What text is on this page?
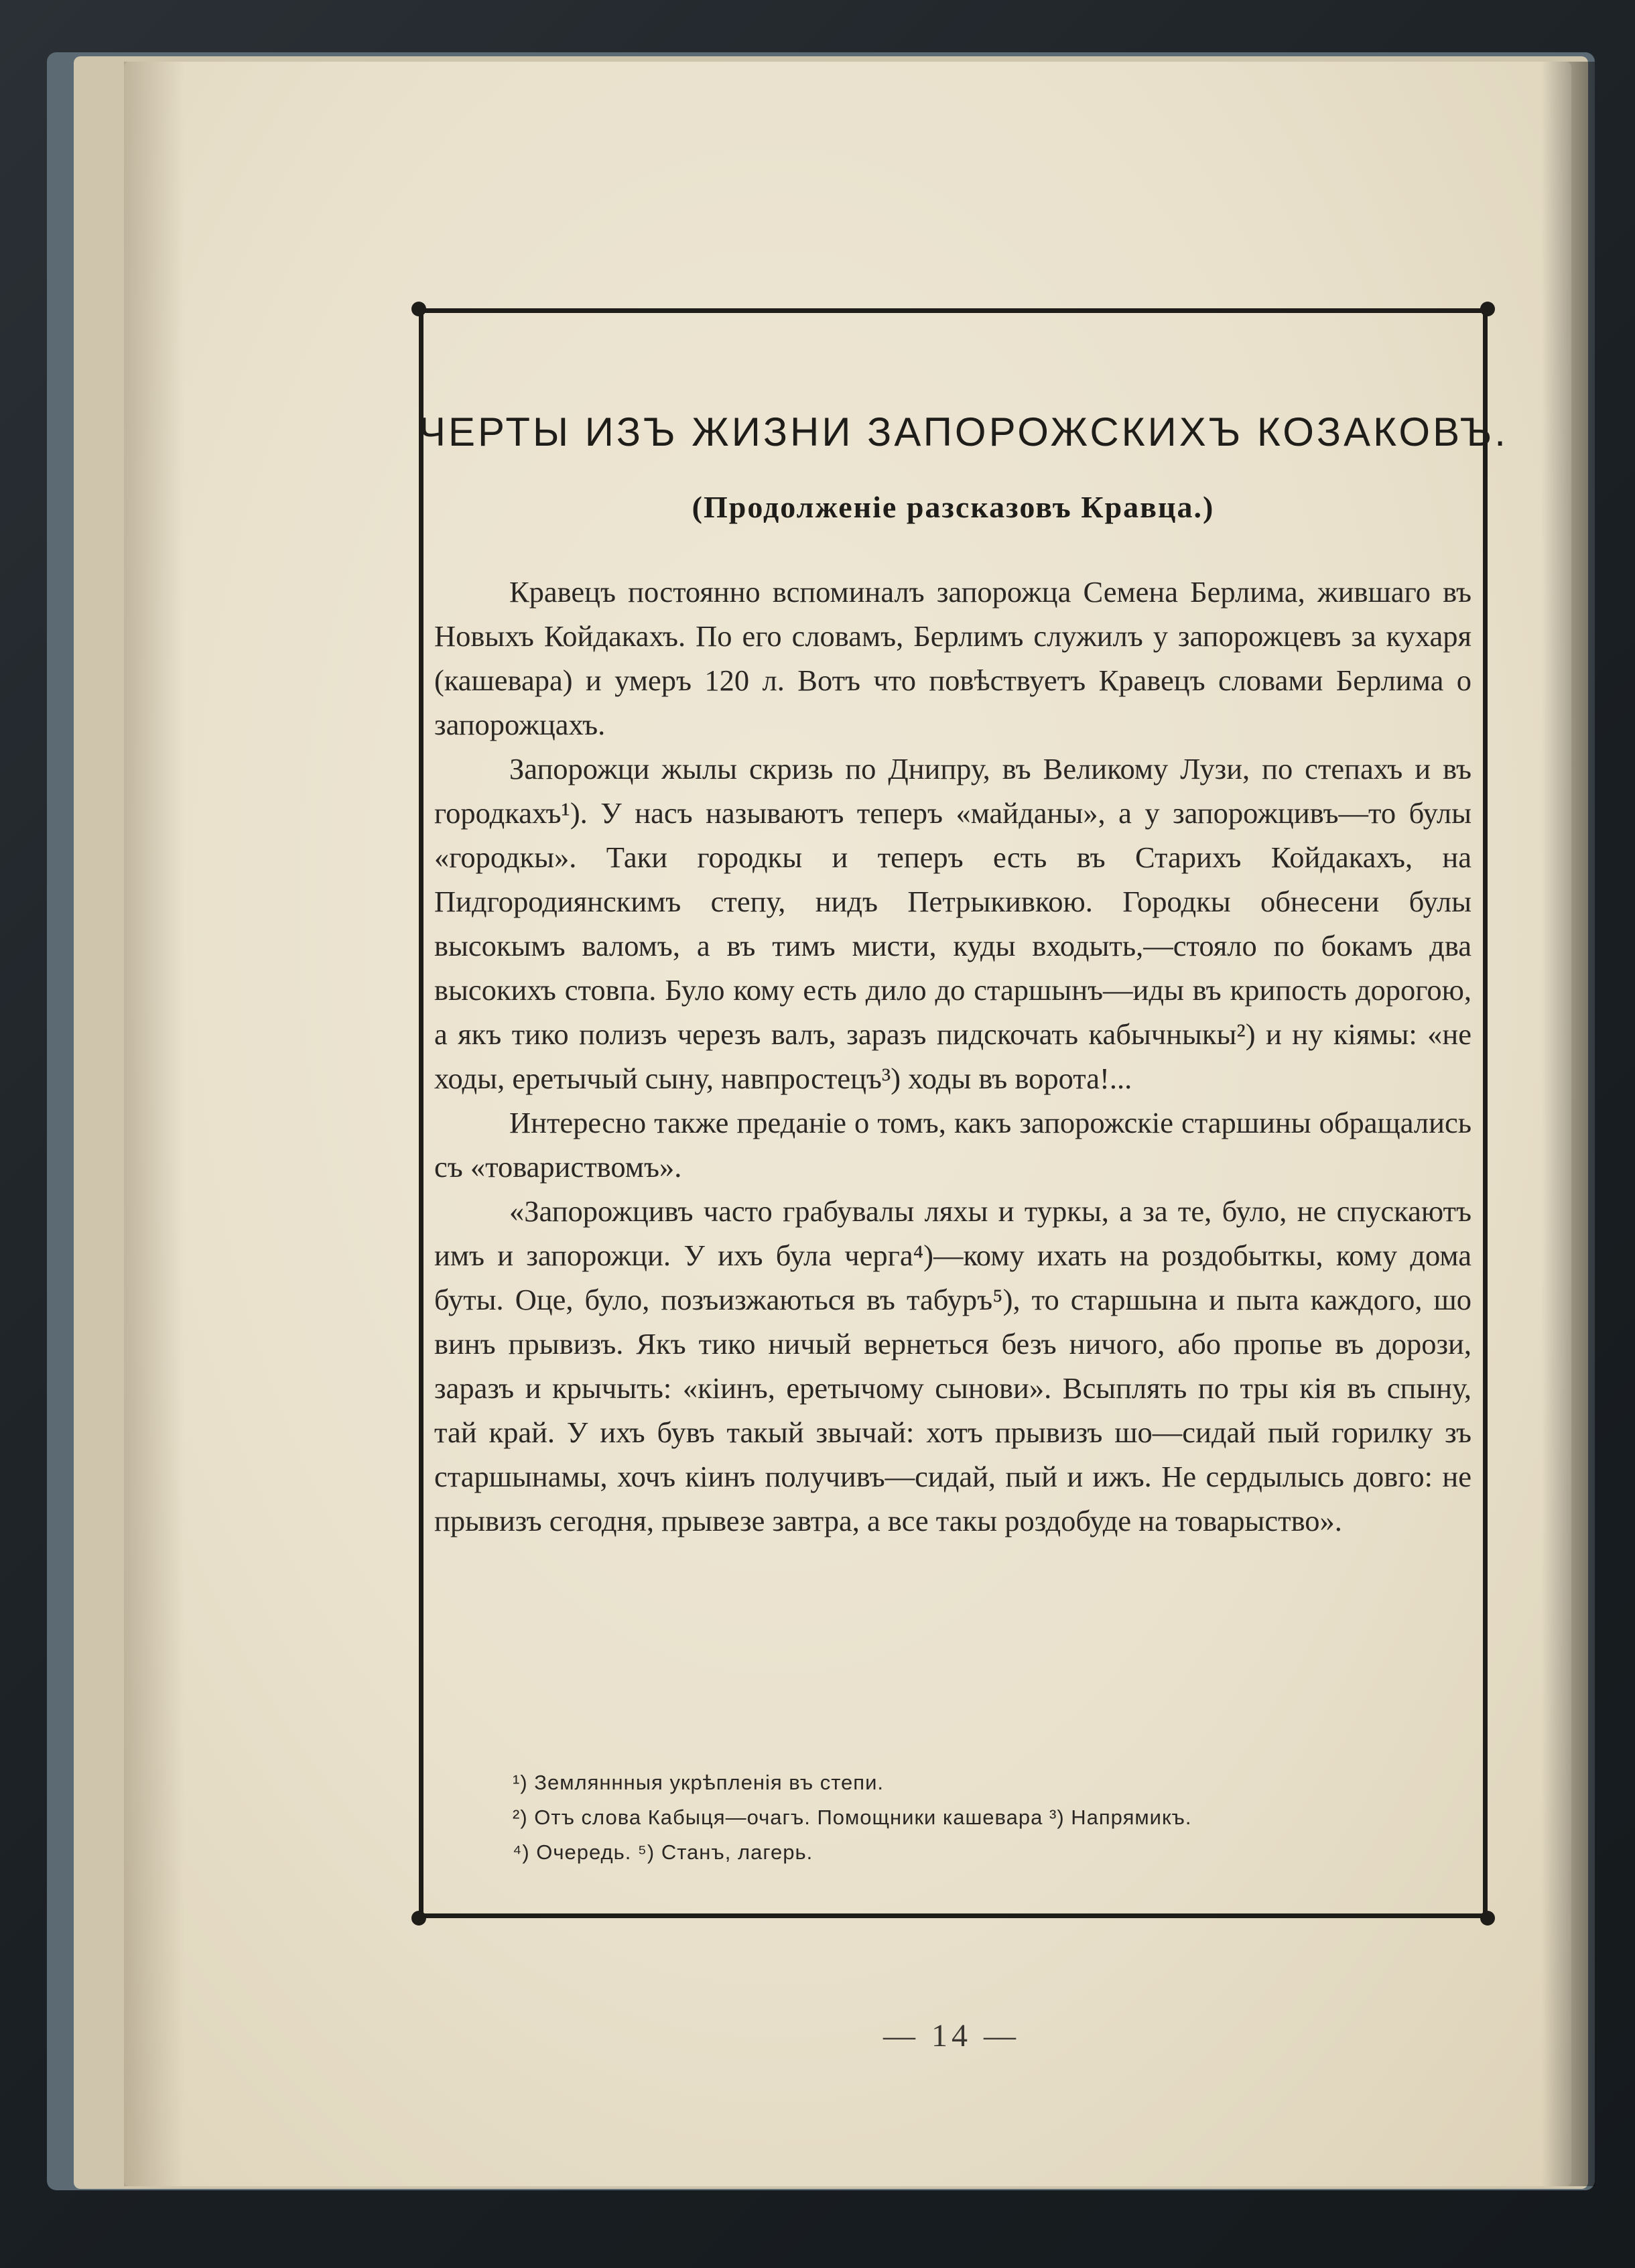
ЧЕРТЫ ИЗЪ ЖИЗНИ ЗАПОРОЖСКИХЪ КОЗАКОВЪ.
(Продолженіе разсказовъ Кравца.)

Кравецъ постоянно вспоминалъ запорожца Семена Берлима, жившаго въ Новыхъ Койдакахъ. По его словамъ, Берлимъ служилъ у запорожцевъ за кухаря (кашевара) и умеръ 120 л. Вотъ что повѣствуетъ Кравецъ словами Берлима о запорожцахъ.

Запорожци жылы скризь по Днипру, въ Великому Лузи, по степахъ и въ городкахъ¹). У насъ называютъ теперъ «майданы», а у запорожцивъ—то булы «городкы». Таки городкы и теперъ есть въ Старихъ Койдакахъ, на Пидгородиянскимъ степу, нидъ Петрыкивкою. Городкы обнесени булы высокымъ валомъ, а въ тимъ мисти, куды входыть,—стояло по бокамъ два высокихъ стовпа. Було кому есть дило до старшынъ—иды въ крипость дорогою, а якъ тико полизъ черезъ валъ, заразъ пидскочать кабычныкы²) и ну кіямы: «не ходы, еретычый сыну, навпростецъ³) ходы въ ворота!...

Интересно также преданіе о томъ, какъ запорожскіе старшины обращались съ «товариствомъ».

«Запорожцивъ часто грабувалы ляхы и туркы, а за те, було, не спускаютъ имъ и запорожци. У ихъ була черга⁴)—кому ихать на роздобыткы, кому дома буты. Оце, було, позъизжаються въ табуръ⁵), то старшына и пыта каждого, шо винъ прывизъ. Якъ тико ничый вернеться безъ ничого, або пропье въ дорози, заразъ и крычыть: «кіинъ, еретычому сынови». Всыплять по тры кія въ спыну, тай край. У ихъ бувъ такый звычай: хотъ прывизъ шо—сидай пый горилку зъ старшынамы, хочъ кіинъ получивъ—сидай, пый и ижъ. Не сердылысь довго: не прывизъ сегодня, прывезе завтра, а все такы роздобуде на товарыство».

¹) Земляннныя укрѣпленія въ степи.
²) Отъ слова Кабыця—очагъ. Помощники кашевара ³) Напрямикъ.
⁴) Очередь. ⁵) Станъ, лагерь.
— 14 —
